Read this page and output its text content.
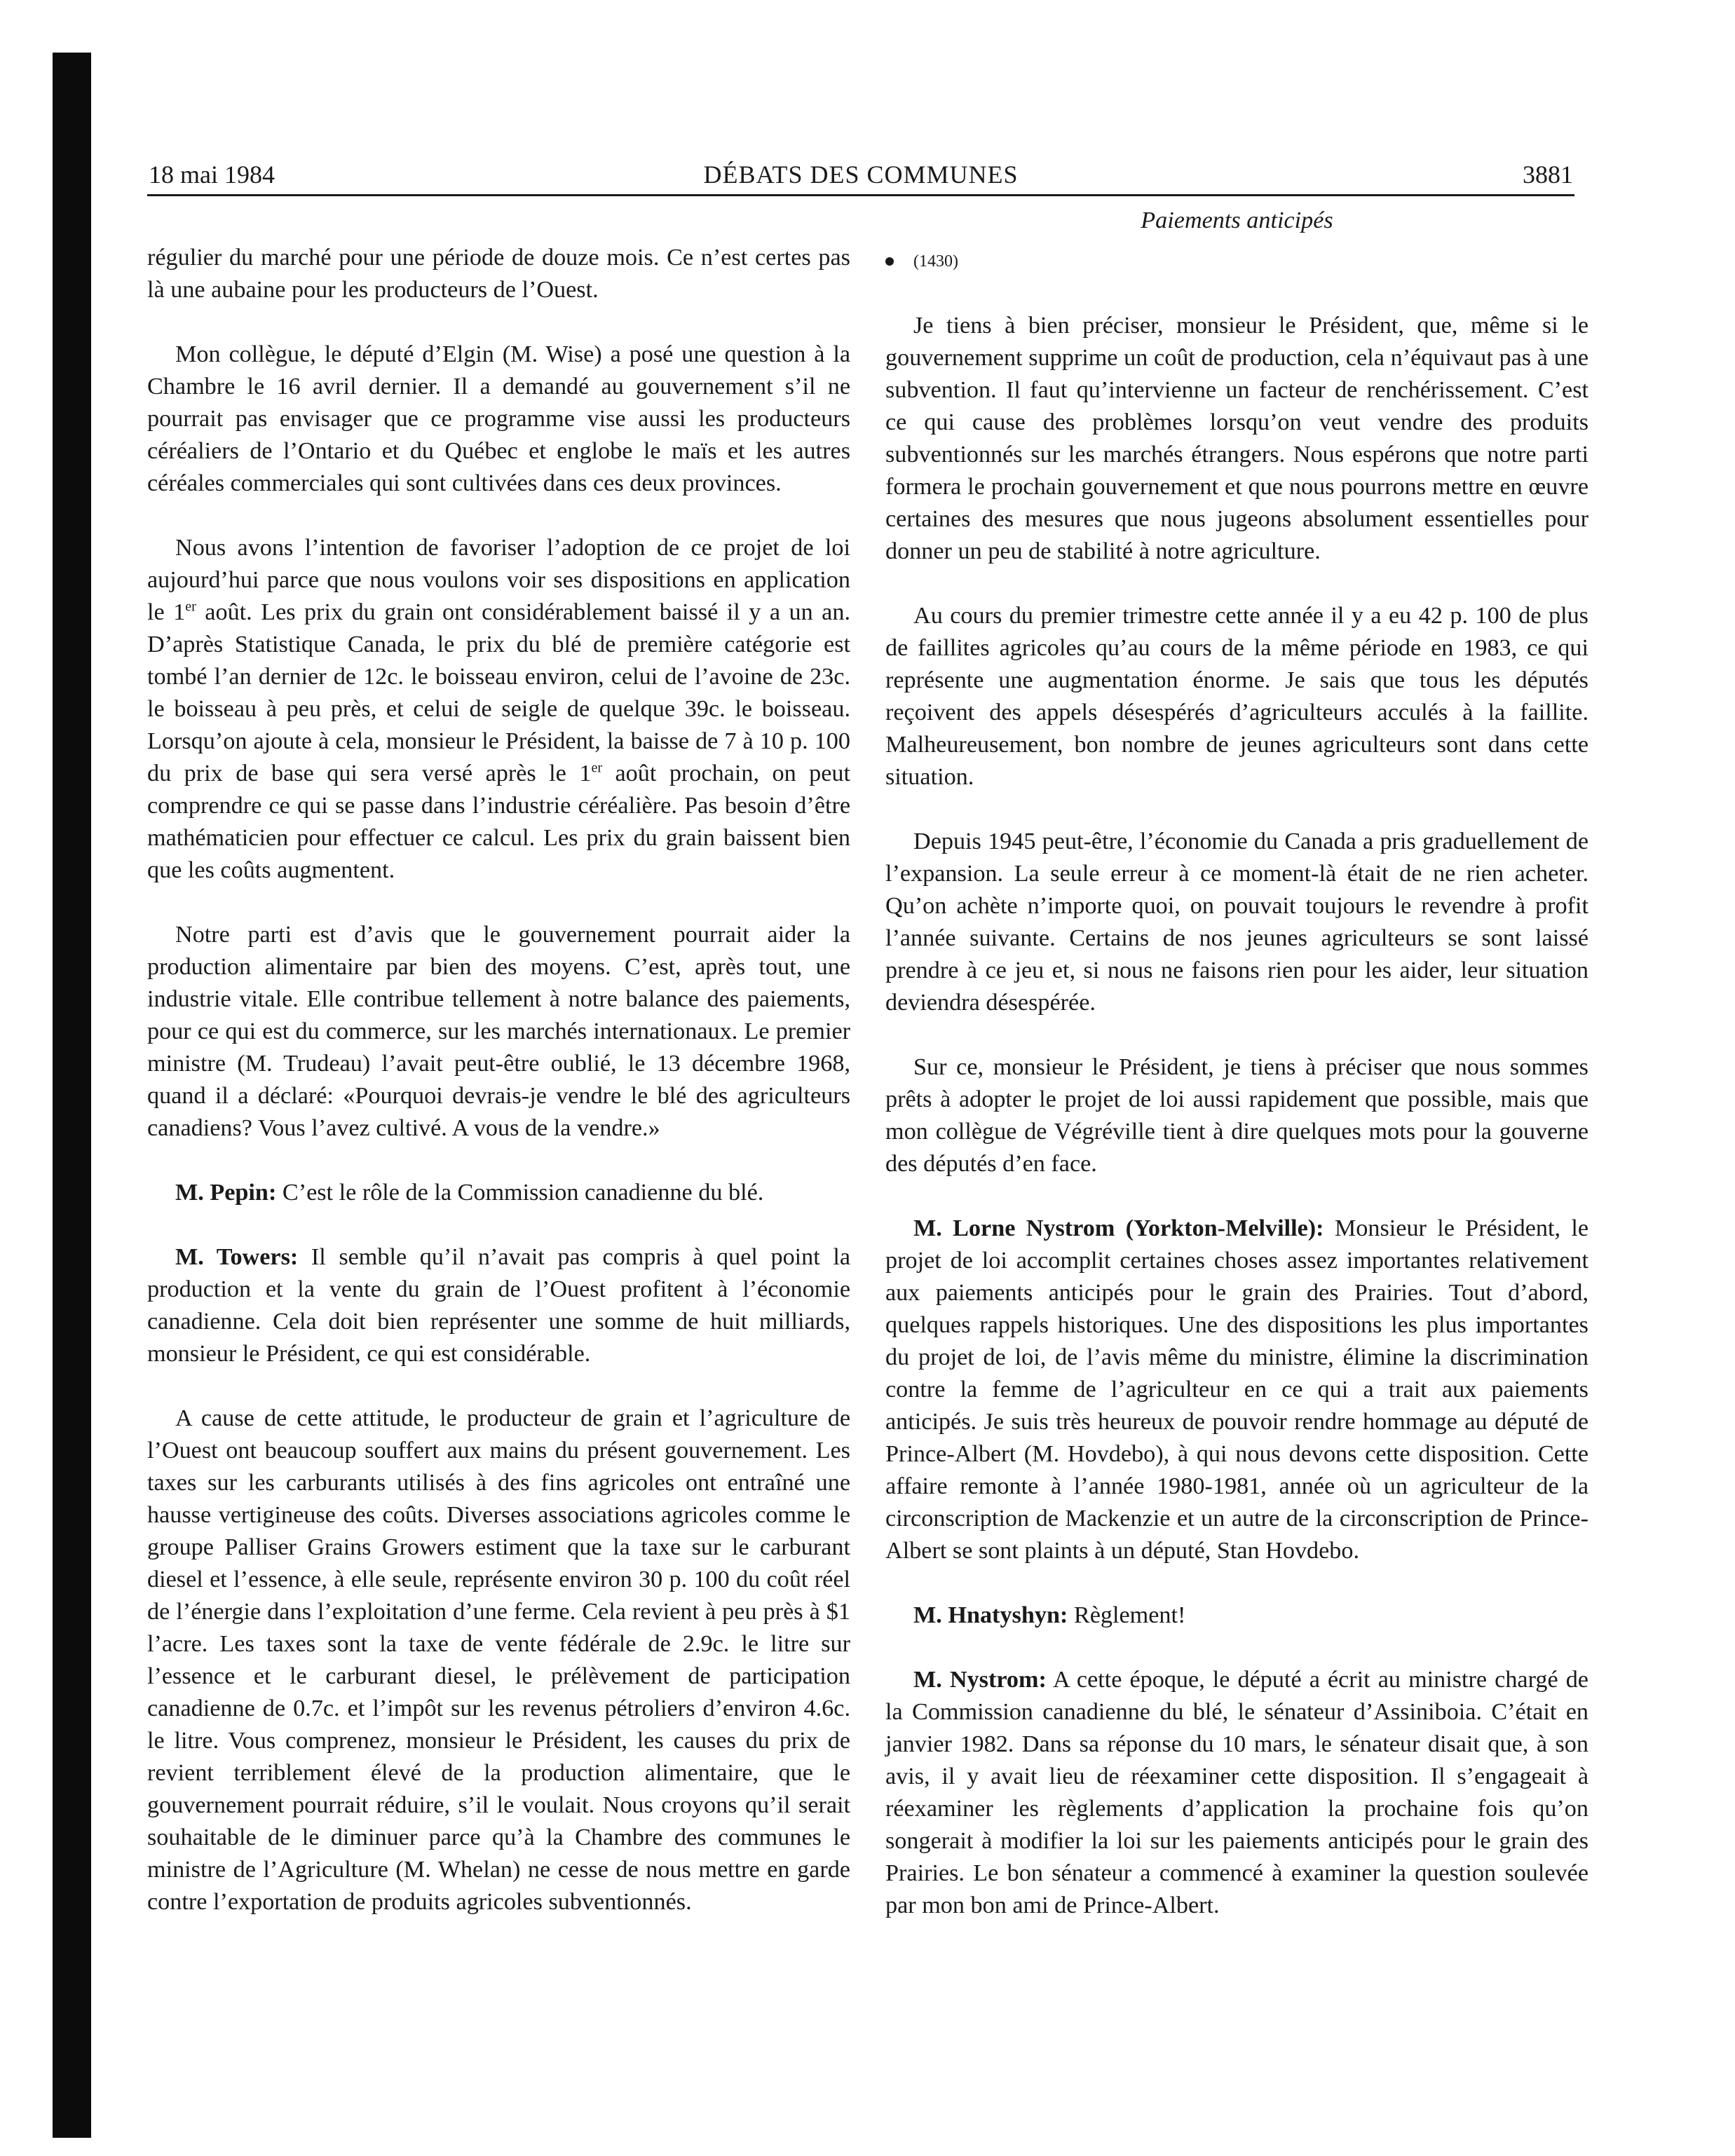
18 mai 1984	DÉBATS DES COMMUNES	3881

régulier du marché pour une période de douze mois. Ce n’est certes pas là une aubaine pour les producteurs de l’Ouest.

Mon collègue, le député d’Elgin (M. Wise) a posé une question à la Chambre le 16 avril dernier. Il a demandé au gouvernement s’il ne pourrait pas envisager que ce programme vise aussi les producteurs céréaliers de l’Ontario et du Québec et englobe le maïs et les autres céréales commerciales qui sont cultivées dans ces deux provinces.

Nous avons l’intention de favoriser l’adoption de ce projet de loi aujourd’hui parce que nous voulons voir ses dispositions en application le 1er août. Les prix du grain ont considérablement baissé il y a un an. D’après Statistique Canada, le prix du blé de première catégorie est tombé l’an dernier de 12c. le boisseau environ, celui de l’avoine de 23c. le boisseau à peu près, et celui de seigle de quelque 39c. le boisseau. Lorsqu’on ajoute à cela, monsieur le Président, la baisse de 7 à 10 p. 100 du prix de base qui sera versé après le 1er août prochain, on peut comprendre ce qui se passe dans l’industrie céréalière. Pas besoin d’être mathématicien pour effectuer ce calcul. Les prix du grain baissent bien que les coûts augmentent.

Notre parti est d’avis que le gouvernement pourrait aider la production alimentaire par bien des moyens. C’est, après tout, une industrie vitale. Elle contribue tellement à notre balance des paiements, pour ce qui est du commerce, sur les marchés internationaux. Le premier ministre (M. Trudeau) l’avait peut-être oublié, le 13 décembre 1968, quand il a déclaré: «Pourquoi devrais-je vendre le blé des agriculteurs canadiens? Vous l’avez cultivé. A vous de la vendre.»

M. Pepin: C’est le rôle de la Commission canadienne du blé.

M. Towers: Il semble qu’il n’avait pas compris à quel point la production et la vente du grain de l’Ouest profitent à l’économie canadienne. Cela doit bien représenter une somme de huit milliards, monsieur le Président, ce qui est considérable.

A cause de cette attitude, le producteur de grain et l’agriculture de l’Ouest ont beaucoup souffert aux mains du présent gouvernement. Les taxes sur les carburants utilisés à des fins agricoles ont entraîné une hausse vertigineuse des coûts. Diverses associations agricoles comme le groupe Palliser Grains Growers estiment que la taxe sur le carburant diesel et l’essence, à elle seule, représente environ 30 p. 100 du coût réel de l’énergie dans l’exploitation d’une ferme. Cela revient à peu près à $1 l’acre. Les taxes sont la taxe de vente fédérale de 2.9c. le litre sur l’essence et le carburant diesel, le prélèvement de participation canadienne de 0.7c. et l’impôt sur les revenus pétroliers d’environ 4.6c. le litre. Vous comprenez, monsieur le Président, les causes du prix de revient terriblement élevé de la production alimentaire, que le gouvernement pourrait réduire, s’il le voulait. Nous croyons qu’il serait souhaitable de le diminuer parce qu’à la Chambre des communes le ministre de l’Agriculture (M. Whelan) ne cesse de nous mettre en garde contre l’exportation de produits agricoles subventionnés.

Paiements anticipés
(1430)

Je tiens à bien préciser, monsieur le Président, que, même si le gouvernement supprime un coût de production, cela n’équivaut pas à une subvention. Il faut qu’intervienne un facteur de renchérissement. C’est ce qui cause des problèmes lorsqu’on veut vendre des produits subventionnés sur les marchés étrangers. Nous espérons que notre parti formera le prochain gouvernement et que nous pourrons mettre en œuvre certaines des mesures que nous jugeons absolument essentielles pour donner un peu de stabilité à notre agriculture.

Au cours du premier trimestre cette année il y a eu 42 p. 100 de plus de faillites agricoles qu’au cours de la même période en 1983, ce qui représente une augmentation énorme. Je sais que tous les députés reçoivent des appels désespérés d’agriculteurs acculés à la faillite. Malheureusement, bon nombre de jeunes agriculteurs sont dans cette situation.

Depuis 1945 peut-être, l’économie du Canada a pris graduellement de l’expansion. La seule erreur à ce moment-là était de ne rien acheter. Qu’on achète n’importe quoi, on pouvait toujours le revendre à profit l’année suivante. Certains de nos jeunes agriculteurs se sont laissé prendre à ce jeu et, si nous ne faisons rien pour les aider, leur situation deviendra désespérée.

Sur ce, monsieur le Président, je tiens à préciser que nous sommes prêts à adopter le projet de loi aussi rapidement que possible, mais que mon collègue de Végréville tient à dire quelques mots pour la gouverne des députés d’en face.

M. Lorne Nystrom (Yorkton-Melville): Monsieur le Président, le projet de loi accomplit certaines choses assez importantes relativement aux paiements anticipés pour le grain des Prairies. Tout d’abord, quelques rappels historiques. Une des dispositions les plus importantes du projet de loi, de l’avis même du ministre, élimine la discrimination contre la femme de l’agriculteur en ce qui a trait aux paiements anticipés. Je suis très heureux de pouvoir rendre hommage au député de Prince-Albert (M. Hovdebo), à qui nous devons cette disposition. Cette affaire remonte à l’année 1980-1981, année où un agriculteur de la circonscription de Mackenzie et un autre de la circonscription de Prince-Albert se sont plaints à un député, Stan Hovdebo.

M. Hnatyshyn: Règlement!

M. Nystrom: A cette époque, le député a écrit au ministre chargé de la Commission canadienne du blé, le sénateur d’Assiniboia. C’était en janvier 1982. Dans sa réponse du 10 mars, le sénateur disait que, à son avis, il y avait lieu de réexaminer cette disposition. Il s’engageait à réexaminer les règlements d’application la prochaine fois qu’on songerait à modifier la loi sur les paiements anticipés pour le grain des Prairies. Le bon sénateur a commencé à examiner la question soulevée par mon bon ami de Prince-Albert.
